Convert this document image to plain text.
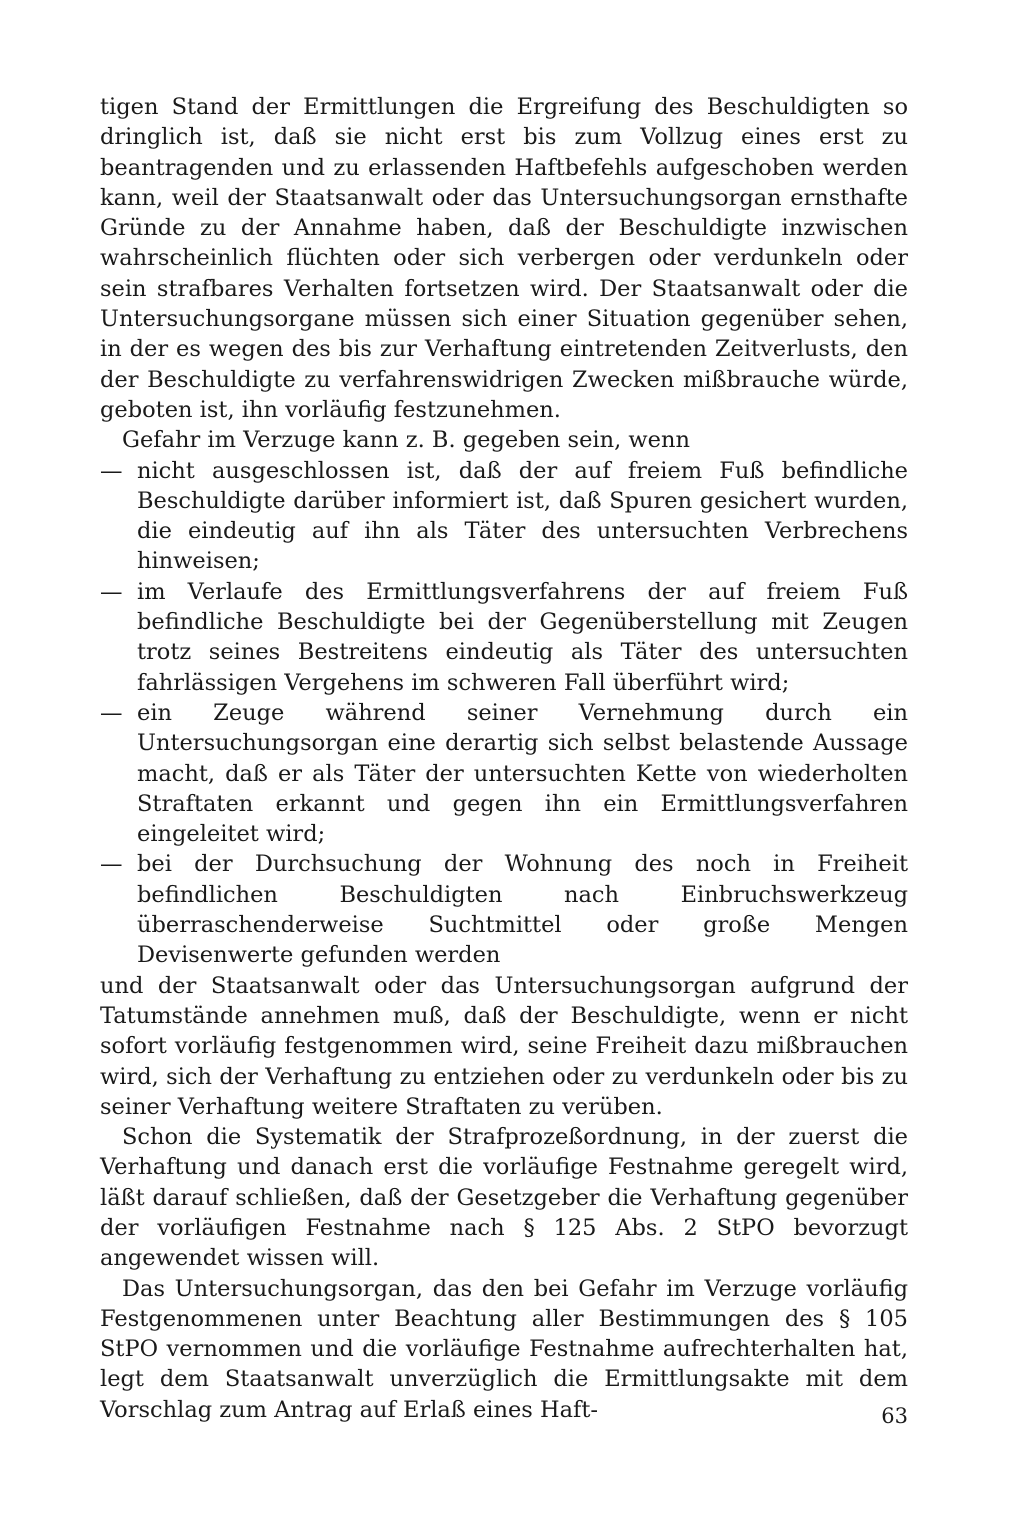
tigen Stand der Ermittlungen die Ergreifung des Beschuldigten so dringlich ist, daß sie nicht erst bis zum Vollzug eines erst zu beantragenden und zu erlassenden Haftbefehls aufgeschoben werden kann, weil der Staatsanwalt oder das Untersuchungsorgan ernsthafte Gründe zu der Annahme haben, daß der Beschuldigte inzwischen wahrscheinlich flüchten oder sich verbergen oder verdunkeln oder sein strafbares Verhalten fortsetzen wird. Der Staatsanwalt oder die Untersuchungsorgane müssen sich einer Situation gegenüber sehen, in der es wegen des bis zur Verhaftung eintretenden Zeitverlusts, den der Beschuldigte zu verfahrenswidrigen Zwecken mißbrauche würde, geboten ist, ihn vorläufig festzunehmen.

Gefahr im Verzuge kann z. B. gegeben sein, wenn

— nicht ausgeschlossen ist, daß der auf freiem Fuß befindliche Beschuldigte darüber informiert ist, daß Spuren gesichert wurden, die eindeutig auf ihn als Täter des untersuchten Verbrechens hinweisen;
— im Verlaufe des Ermittlungsverfahrens der auf freiem Fuß befindliche Beschuldigte bei der Gegenüberstellung mit Zeugen trotz seines Bestreitens eindeutig als Täter des untersuchten fahrlässigen Vergehens im schweren Fall überführt wird;
— ein Zeuge während seiner Vernehmung durch ein Untersuchungsorgan eine derartig sich selbst belastende Aussage macht, daß er als Täter der untersuchten Kette von wiederholten Straftaten erkannt und gegen ihn ein Ermittlungsverfahren eingeleitet wird;
— bei der Durchsuchung der Wohnung des noch in Freiheit befindlichen Beschuldigten nach Einbruchswerkzeug überraschenderweise Suchtmittel oder große Mengen Devisenwerte gefunden werden

und der Staatsanwalt oder das Untersuchungsorgan aufgrund der Tatumstände annehmen muß, daß der Beschuldigte, wenn er nicht sofort vorläufig festgenommen wird, seine Freiheit dazu mißbrauchen wird, sich der Verhaftung zu entziehen oder zu verdunkeln oder bis zu seiner Verhaftung weitere Straftaten zu verüben.

Schon die Systematik der Strafprozeßordnung, in der zuerst die Verhaftung und danach erst die vorläufige Festnahme geregelt wird, läßt darauf schließen, daß der Gesetzgeber die Verhaftung gegenüber der vorläufigen Festnahme nach § 125 Abs. 2 StPO bevorzugt angewendet wissen will.

Das Untersuchungsorgan, das den bei Gefahr im Verzuge vorläufig Festgenommenen unter Beachtung aller Bestimmungen des § 105 StPO vernommen und die vorläufige Festnahme aufrechterhalten hat, legt dem Staatsanwalt unverzüglich die Ermittlungsakte mit dem Vorschlag zum Antrag auf Erlaß eines Haft-	63
